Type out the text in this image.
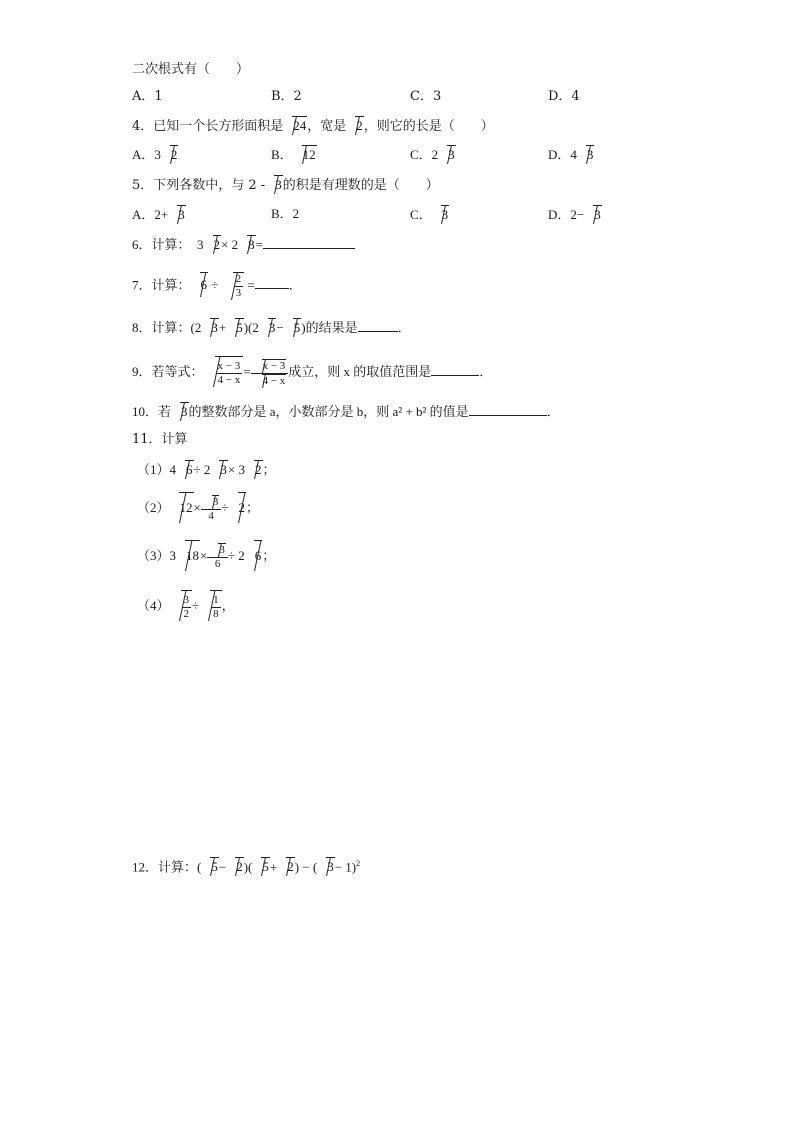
二次根式有（　　）
A．1	B．2	C．3	D．4
4．已知一个长方形面积是 24，宽是 2，则它的长是（　　）
A．3 2	B． 12	C．2 3	D．4 3
5．下列各数中，与 2 - 3的积是有理数的是（　　）
A．2+ 3	B．2	C． 3	D．2− 3
6．计算： 3 2× 2 8=
7．计算： $6 \div \frac{2}{3}$ =	．
8．计算：(2 3+ 5)(2 3− 5)的结果是	．
9．若等式： $\frac{x - 3}{4 - x} = \frac{x - 3}{4 - x}$ 成立，则 x 的取值范围是	．
10．若 3的整数部分是 a，小数部分是 b，则 a² + b² 的值是	．
11．计算
（1）4 6÷ 2 3× 3 2；
（2） $12\times \frac{3}{4} \div 2$；
（3）3 $18\times \frac{3}{6} \div 2$ 6；
$(4) \frac{3}{2} \div \frac{1}{8}$ ，
12．计算：( 5− 2)( 5+ 2) − ( 3− 1)$^2$
